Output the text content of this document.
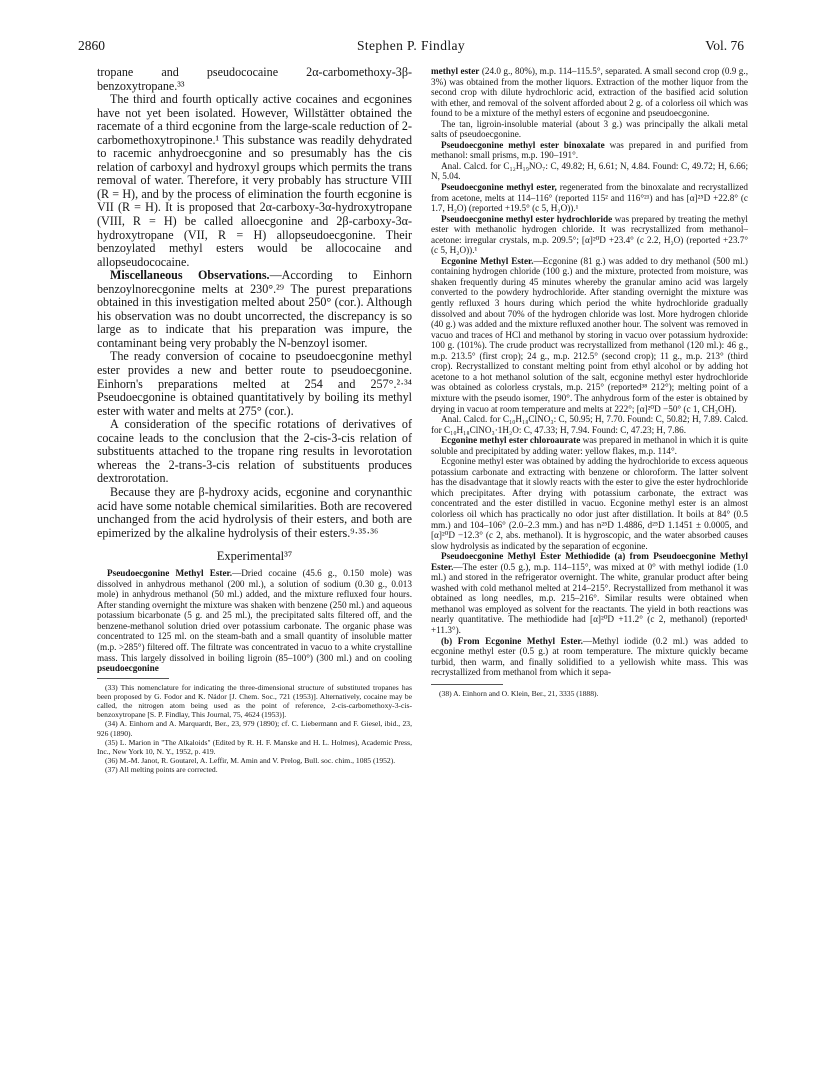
2860	Stephen P. Findlay	Vol. 76

tropane and pseudococaine 2α-carbomethoxy-3β-benzoxytropane.³³

The third and fourth optically active cocaines and ecgonines have not yet been isolated. However, Willstätter obtained the racemate of a third ecgonine from the large-scale reduction of 2-carbomethoxytropinone.¹ This substance was readily dehydrated to racemic anhydroecgonine and so presumably has the cis relation of carboxyl and hydroxyl groups which permits the trans removal of water. Therefore, it very probably has structure VIII (R = H), and by the process of elimination the fourth ecgonine is VII (R = H). It is proposed that 2α-carboxy-3α-hydroxytropane (VIII, R = H) be called alloecgonine and 2β-carboxy-3α-hydroxytropane (VII, R = H) allopseudoecgonine. Their benzoylated methyl esters would be allococaine and allopseudococaine.

Miscellaneous Observations.—According to Einhorn benzoylnorecgonine melts at 230°.²⁹ The purest preparations obtained in this investigation melted about 250° (cor.). Although his observation was no doubt uncorrected, the discrepancy is so large as to indicate that his preparation was impure, the contaminant being very probably the N-benzoyl isomer.

The ready conversion of cocaine to pseudoecgonine methyl ester provides a new and better route to pseudoecgonine. Einhorn's preparations melted at 254 and 257°.²·³⁴ Pseudoecgonine is obtained quantitatively by boiling its methyl ester with water and melts at 275° (cor.).

A consideration of the specific rotations of derivatives of cocaine leads to the conclusion that the 2-cis-3-cis relation of substituents attached to the tropane ring results in levorotation whereas the 2-trans-3-cis relation of substituents produces dextrorotation.

Because they are β-hydroxy acids, ecgonine and corynanthic acid have some notable chemical similarities. Both are recovered unchanged from the acid hydrolysis of their esters, and both are epimerized by the alkaline hydrolysis of their esters.⁹·³⁵·³⁶

Experimental³⁷

Pseudoecgonine Methyl Ester.—Dried cocaine (45.6 g., 0.150 mole) was dissolved in anhydrous methanol (200 ml.), a solution of sodium (0.30 g., 0.013 mole) in anhydrous methanol (50 ml.) added, and the mixture refluxed four hours. After standing overnight the mixture was shaken with benzene (250 ml.) and aqueous potassium bicarbonate (5 g. and 25 ml.), the precipitated salts filtered off, and the benzene-methanol solution dried over potassium carbonate. The organic phase was concentrated to 125 ml. on the steam-bath and a small quantity of insoluble matter (m.p. >285°) filtered off. The filtrate was concentrated in vacuo to a white crystalline mass. This largely dissolved in boiling ligroin (85–100°) (300 ml.) and on cooling pseudoecgonine

(33) This nomenclature for indicating the three-dimensional structure of substituted tropanes has been proposed by G. Fodor and K. Nádor [J. Chem. Soc., 721 (1953)]. Alternatively, cocaine may be called, the nitrogen atom being used as the point of reference, 2-cis-carbomethoxy-3-cis-benzoxytropane [S. P. Findlay, This Journal, 75, 4624 (1953)].

(34) A. Einhorn and A. Marquardt, Ber., 23, 979 (1890); cf. C. Liebermann and F. Giesel, ibid., 23, 926 (1890).

(35) L. Marion in "The Alkaloids" (Edited by R. H. F. Manske and H. L. Holmes), Academic Press, Inc., New York 10, N. Y., 1952, p. 419.

(36) M.-M. Janot, R. Goutarel, A. Leffir, M. Amin and V. Prelog, Bull. soc. chim., 1085 (1952).

(37) All melting points are corrected.

methyl ester (24.0 g., 80%), m.p. 114–115.5°, separated. A small second crop (0.9 g., 3%) was obtained from the mother liquors. Extraction of the mother liquor from the second crop with dilute hydrochloric acid, extraction of the basified acid solution with ether, and removal of the solvent afforded about 2 g. of a colorless oil which was found to be a mixture of the methyl esters of ecgonine and pseudoecgonine.

The tan, ligroin-insoluble material (about 3 g.) was principally the alkali metal salts of pseudoecgonine.

Pseudoecgonine methyl ester binoxalate was prepared in and purified from methanol: small prisms, m.p. 190–191°.

Anal. Calcd. for C₁₂H₁₉NO₇: C, 49.82; H, 6.61; N, 4.84. Found: C, 49.72; H, 6.66; N, 5.04.

Pseudoecgonine methyl ester, regenerated from the binoxalate and recrystallized from acetone, melts at 114–116° (reported 115² and 116°²¹) and has [α]²⁵D +22.8° (c 1.7, H₂O) (reported +19.5° (c 5, H₂O)).¹

Pseudoecgonine methyl ester hydrochloride was prepared by treating the methyl ester with methanolic hydrogen chloride. It was recrystallized from methanol–acetone: irregular crystals, m.p. 209.5°; [α]²⁰D +23.4° (c 2.2, H₂O) (reported +23.7° (c 5, H₂O)).¹

Ecgonine Methyl Ester.—Ecgonine (81 g.) was added to dry methanol (500 ml.) containing hydrogen chloride (100 g.) and the mixture, protected from moisture, was shaken frequently during 45 minutes whereby the granular amino acid was largely converted to the powdery hydrochloride. After standing overnight the mixture was gently refluxed 3 hours during which period the white hydrochloride gradually dissolved and about 70% of the hydrogen chloride was lost. More hydrogen chloride (40 g.) was added and the mixture refluxed another hour. The solvent was removed in vacuo and traces of HCl and methanol by storing in vacuo over potassium hydroxide: 100 g. (101%). The crude product was recrystallized from methanol (120 ml.): 46 g., m.p. 213.5° (first crop); 24 g., m.p. 212.5° (second crop); 11 g., m.p. 213° (third crop). Recrystallized to constant melting point from ethyl alcohol or by adding hot acetone to a hot methanol solution of the salt, ecgonine methyl ester hydrochloride was obtained as colorless crystals, m.p. 215° (reported³⁸ 212°); melting point of a mixture with the pseudo isomer, 190°. The anhydrous form of the ester is obtained by drying in vacuo at room temperature and melts at 222°; [α]²⁰D −50° (c 1, CH₃OH).

Anal. Calcd. for C₁₀H₁₈ClNO₃: C, 50.95; H, 7.70. Found: C, 50.82; H, 7.89. Calcd. for C₁₀H₁₈ClNO₃·1H₂O: C, 47.33; H, 7.94. Found: C, 47.23; H, 7.86.

Ecgonine methyl ester chloroaurate was prepared in methanol in which it is quite soluble and precipitated by adding water: yellow flakes, m.p. 114°.

Ecgonine methyl ester was obtained by adding the hydrochloride to excess aqueous potassium carbonate and extracting with benzene or chloroform. The latter solvent has the disadvantage that it slowly reacts with the ester to give the ester hydrochloride which precipitates. After drying with potassium carbonate, the extract was concentrated and the ester distilled in vacuo. Ecgonine methyl ester is an almost colorless oil which has practically no odor just after distillation. It boils at 84° (0.5 mm.) and 104–106° (2.0–2.3 mm.) and has n²⁵D 1.4886, d²⁵D 1.1451 ± 0.0005, and [α]²⁰D −12.3° (c 2, abs. methanol). It is hygroscopic, and the water absorbed causes slow hydrolysis as indicated by the separation of ecgonine.

Pseudoecgonine Methyl Ester Methiodide (a) from Pseudoecgonine Methyl Ester.—The ester (0.5 g.), m.p. 114–115°, was mixed at 0° with methyl iodide (1.0 ml.) and stored in the refrigerator overnight. The white, granular product after being washed with cold methanol melted at 214–215°. Recrystallized from methanol it was obtained as long needles, m.p. 215–216°. Similar results were obtained when methanol was employed as solvent for the reactants. The yield in both reactions was nearly quantitative. The methiodide had [α]²⁰D +11.2° (c 2, methanol) (reported¹ +11.3°).

(b) From Ecgonine Methyl Ester.—Methyl iodide (0.2 ml.) was added to ecgonine methyl ester (0.5 g.) at room temperature. The mixture quickly became turbid, then warm, and finally solidified to a yellowish white mass. This was recrystallized from methanol from which it sepa-

(38) A. Einhorn and O. Klein, Ber., 21, 3335 (1888).
